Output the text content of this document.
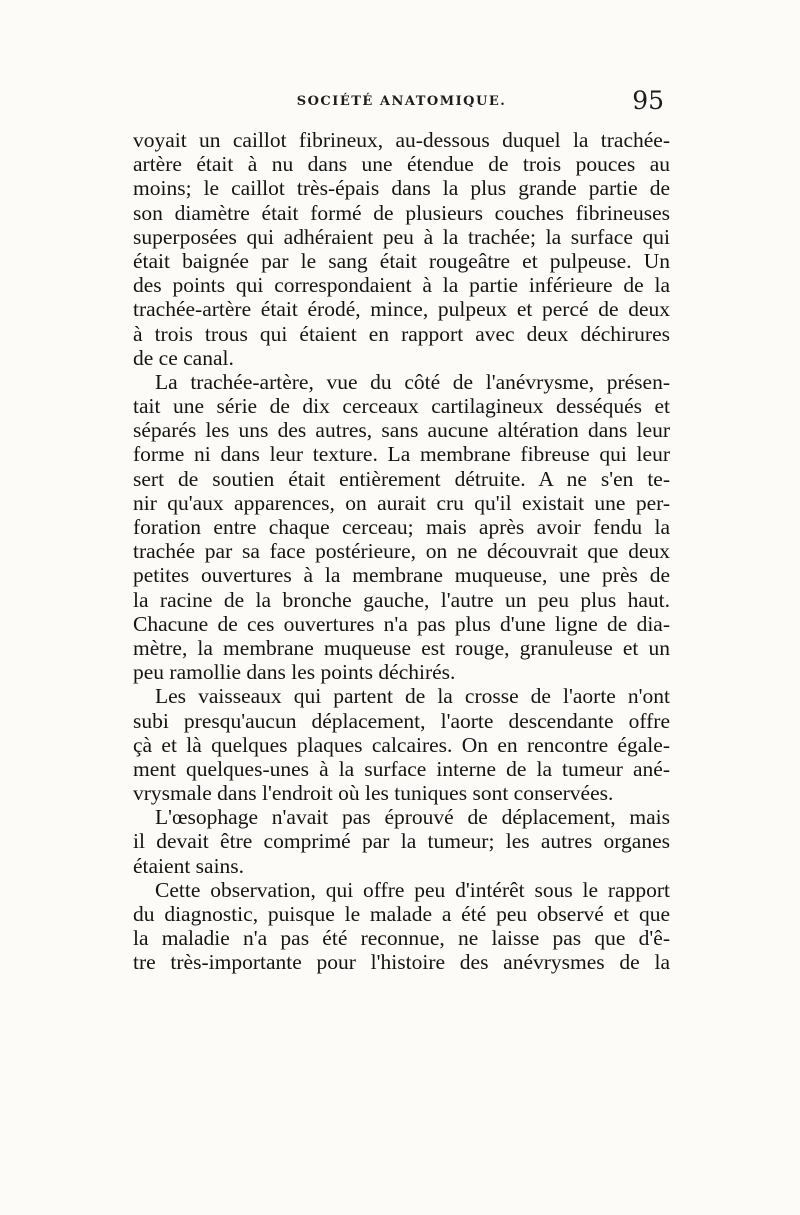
SOCIÉTÉ ANATOMIQUE.	95
voyait un caillot fibrineux, au-dessous duquel la trachée-
artère était à nu dans une étendue de trois pouces au
moins; le caillot très-épais dans la plus grande partie de
son diamètre était formé de plusieurs couches fibrineuses
superposées qui adhéraient peu à la trachée; la surface qui
était baignée par le sang était rougeâtre et pulpeuse. Un
des points qui correspondaient à la partie inférieure de la
trachée-artère était érodé, mince, pulpeux et percé de deux
à trois trous qui étaient en rapport avec deux déchirures
de ce canal.
La trachée-artère, vue du côté de l'anévrysme, présen-
tait une série de dix cerceaux cartilagineux desséqués et
séparés les uns des autres, sans aucune altération dans leur
forme ni dans leur texture. La membrane fibreuse qui leur
sert de soutien était entièrement détruite. A ne s'en te-
nir qu'aux apparences, on aurait cru qu'il existait une per-
foration entre chaque cerceau; mais après avoir fendu la
trachée par sa face postérieure, on ne découvrait que deux
petites ouvertures à la membrane muqueuse, une près de
la racine de la bronche gauche, l'autre un peu plus haut.
Chacune de ces ouvertures n'a pas plus d'une ligne de dia-
mètre, la membrane muqueuse est rouge, granuleuse et un
peu ramollie dans les points déchirés.
Les vaisseaux qui partent de la crosse de l'aorte n'ont
subi presqu'aucun déplacement, l'aorte descendante offre
çà et là quelques plaques calcaires. On en rencontre égale-
ment quelques-unes à la surface interne de la tumeur ané-
vrysmale dans l'endroit où les tuniques sont conservées.
L'œsophage n'avait pas éprouvé de déplacement, mais
il devait être comprimé par la tumeur; les autres organes
étaient sains.
Cette observation, qui offre peu d'intérêt sous le rapport
du diagnostic, puisque le malade a été peu observé et que
la maladie n'a pas été reconnue, ne laisse pas que d'ê-
tre très-importante pour l'histoire des anévrysmes de la
